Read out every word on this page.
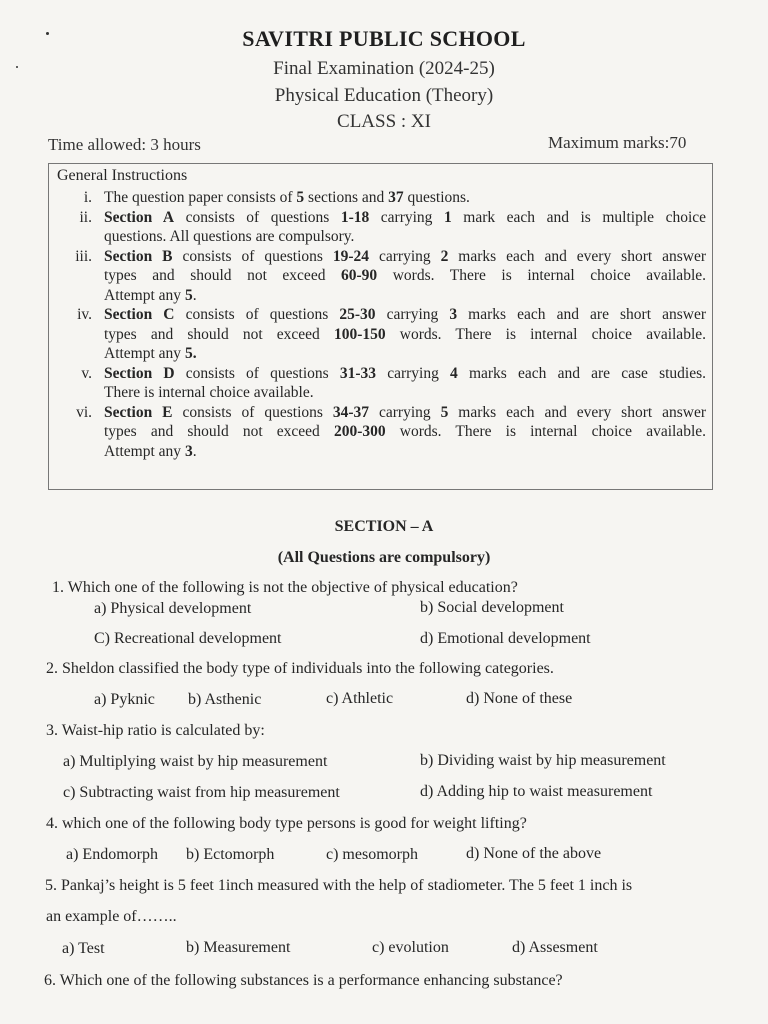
SAVITRI PUBLIC SCHOOL
Final Examination (2024-25)
Physical Education (Theory)
CLASS : XI
Time allowed: 3 hours	Maximum marks:70
General Instructions
i. The question paper consists of 5 sections and 37 questions.
ii. Section A consists of questions 1-18 carrying 1 mark each and is multiple choice
questions. All questions are compulsory.
iii. Section B consists of questions 19-24 carrying 2 marks each and every short answer
types and should not exceed 60-90 words. There is internal choice available.
Attempt any 5.
iv. Section C consists of questions 25-30 carrying 3 marks each and are short answer
types and should not exceed 100-150 words. There is internal choice available.
Attempt any 5.
v. Section D consists of questions 31-33 carrying 4 marks each and are case studies.
There is internal choice available.
vi. Section E consists of questions 34-37 carrying 5 marks each and every short answer
types and should not exceed 200-300 words. There is internal choice available.
Attempt any 3.
SECTION – A
(All Questions are compulsory)
1. Which one of the following is not the objective of physical education?
a) Physical development	b) Social development
C) Recreational development	d) Emotional development
2. Sheldon classified the body type of individuals into the following categories.
a) Pyknic b) Asthenic	c) Athletic	d) None of these
3. Waist-hip ratio is calculated by:
a) Multiplying waist by hip measurement	b) Dividing waist by hip measurement
c) Subtracting waist from hip measurement	d) Adding hip to waist measurement
4. which one of the following body type persons is good for weight lifting?
a) Endomorph b) Ectomorph	c) mesomorph	d) None of the above
5. Pankaj’s height is 5 feet 1inch measured with the help of stadiometer. The 5 feet 1 inch is
an example of……..
a) Test	b) Measurement	c) evolution	d) Assesment
6. Which one of the following substances is a performance enhancing substance?
